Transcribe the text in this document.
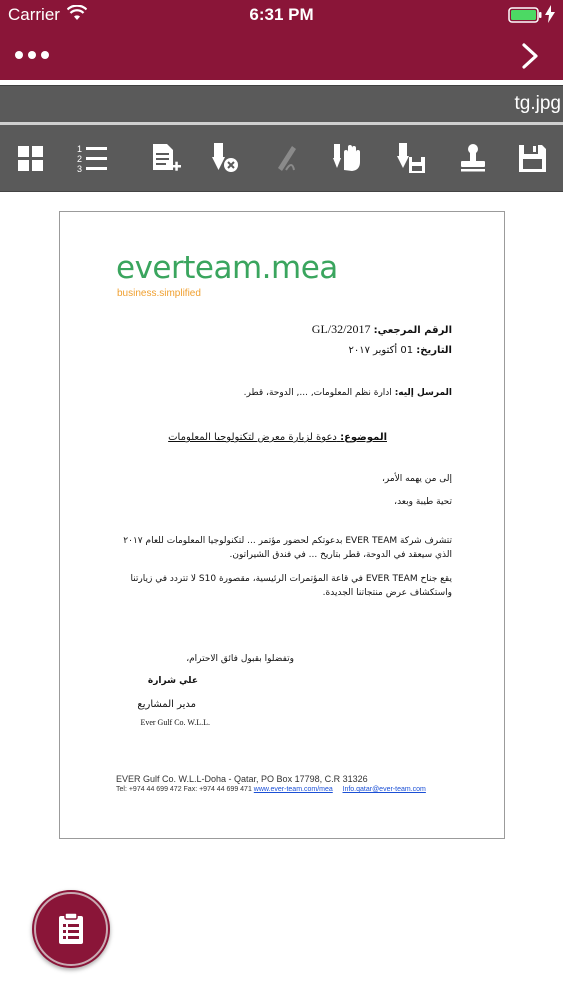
Carrier	6:31 PM
tg.jpg
1
2
3
everteam.mea
business.simplified
الرقم المرجعي: GL/32/2017
التاريخ: 01 أكتوبر ٢٠١٧
المرسل إليه: ادارة نظم المعلومات, ..., الدوحة، قطر.
الموضوع: دعوة لزيارة معرض لتكنولوجيا المعلومات
إلى من يهمه الأمر،
تحية طيبة وبعد،
تتشرف شركة EVER TEAM بدعوتكم لحضور مؤتمر ... لتكنولوجيا المعلومات للعام ٢٠١٧ الذي سيعقد في الدوحة، قطر بتاريخ ... في فندق الشيراتون.
يقع جناح EVER TEAM في قاعة المؤتمرات الرئيسية، مقصورة S10 لا تتردد في زيارتنا واستكشاف عرض منتجاتنا الجديدة.
وتفضلوا بقبول فائق الاحترام،
علي شرارة
مدير المشاريع
Ever Gulf Co. W.L.L.
EVER Gulf Co. W.L.L-Doha - Qatar, PO Box 17798, C.R 31326
Tel: +974 44 699 472 Fax: +974 44 699 471 www.ever-team.com/mea Info.qatar@ever-team.com
